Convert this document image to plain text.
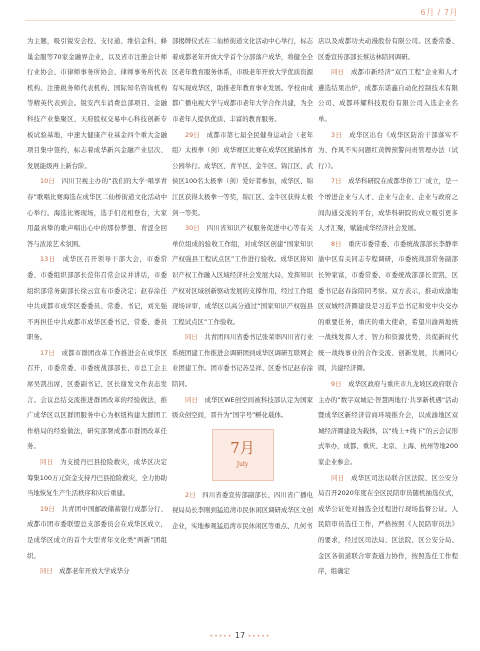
6月 / 7月

为主题，吸引锐安会控、支付通、维信金科、蜂巢金服等70家金融界企业，以及省市注册会计师行业协会、市律师事务所协会、律师事务所代表机构、注册税务师代表机构、国际知名咨询机构等精英代表到会。锐安汽车消费总部项目、金融科技产业集聚区、天府股权交易中心科技创新专板试验基地、中速大健康产业基金四个重大金融项目集中签约，标志着成华新兴金融产业层次、发展能级再上新台阶。

10日  四川卫视主办的“我们的大学·唱享青春”歌唱比赛海选在成华区二仙桥街道文化活动中心举行。海选比赛现场，选手们竞相登台，大家用最真挚的歌声唱出心中的那份梦想、青涩全回答与浓浓艺术氛围。

13日  成华区召开领导干部大会，市委常委、市委组织部部长范伟召常会议并讲话，市委组织部常务副部长徐云宣布市委决定；赵春涂任中共成都市成华区委委员、常委、书记，刘光强不再担任中共成都市成华区委书记、常委、委员职务。

17日  成都市群团改革工作推进会在成华区召开，市委常委、市委统战部部长、市总工会主席吴凯出席，区委副书记、区长谢发文作表态发言。会议总结交流推进群团改革的经验做法，推广成华区以区群团服务中心为枢纽构建大群团工作格局的经验做法，研究部署成都市群团改革任务。

同日  为支援丹巴县抢险救灾，成华区决定筹集100万元资金支持丹巴县抢险救灾，全力协助当地恢复生产生活秩序和灾后重建。

19日  共青团中国邮政储蓄银行成都分行、成都市团市委联盟总支部委员会在成华区成立，是成华区成立的首个大型青年文化类“两新”团组织。

同日  成都老年开放大学成华分

部揭牌仪式在二仙桥街道文化活动中心举行，标志着成都老年开放大学首个分部落户成华，将健全全区老年教育服务体系，市级老年开放大学优质资源有实现成华区，助推老年教育事业发展。学校由成都广播电视大学与成都市老年大学合作共建，为全市老年人提供优质、丰富的教育服务。

29日  成都市第七届全民健身运动会（老年组）太极拳（剑）成华赛区比赛在成华区熊猫体育公园举行。成华区、青羊区、金牛区、锦江区、武侯区100名太极拳（剑）爱好者参加，成华区、锦江区获得太极拳一等奖，锦江区、金牛区获得太极剑一等奖。

30日  四川省知识产权服务促进中心等有关单位组成的验收工作组，对成华区创建“国家知识产权强县工程试点区”工作进行验收。成华区将知识产权工作融入区域经济社会发展大局，发挥知识产权对区域创新驱动发展的支撑作用，经过工作组现场评审，成华区以高分通过“国家知识产权强县工程试点区”工作验收。

同日  共青团四川省委书记张荣率四川省行业系统团建工作推进会调研团到成华区调研互联网企业团建工作。团市委书记苏呈祥、区委书记赵春涂陪同。

同日  成华区WE创空间被科技部认定为国家级众创空间，晋升为“国字号”孵化载体。

7月
July

2日  四川省委宣传部副部长、四川省广播电视局局长李刚到猛追湾市民休闲区调研成华区文创企业，实地参观猛追湾市民休闲区等重点、几何书

店以及成都功夫动漫股份有限公司。区委常委、区委宣传部部长蔡达林陪同调研。

同日  成都市新经济“双百工程”企业和人才遴选结果出炉，成都东诺鑫自动化控制技术有限公司、成都环耀科技股份有限公司入选企业名单。

3日  成华区出台《成华区防治干部落实不为、作风不实问题红黄牌预警问责管理办法（试行）》。

7日  成华科研院在成都华侨工厂成立，是一个增进企业与人才、企业与企业、企业与政府之间沟通交流的平台，成华科研院的成立吸引更多人才汇聚，赋能成华经济社会发展。

8日  重庆市委常委、市委统战部部长李静率渝中区有关同志专程调研，市委统战部常务副部长钟家富，市委常委、市委统战部部长贺凯，区委书记赵春涂陪同考察。双方表示，推动成渝地区双城经济圈建设是习近平总书记和党中央交办的重要任务，重庆的重大使命，希望川渝两地统一战线发挥人才、智力和资源优势，共促新时代统一战线事业的合作交流、创新发展，共画同心圆，共建经济圈。

9日  成华区政府与重庆市九龙坡区政府联合主办的“数字双城记·智慧两地行·共享新机遇”活动暨成华区新经济营商环境推介会，以成渝地区双城经济圈建设为载体，以“线上+线下”的云会议形式举办，成都、重庆、北京、上海、杭州等地200家企业参会。

同日  成华区司法局联合区法院、区公安分局召开2020年度在全区民陪审员随机抽选仪式，成华公证处对抽选全过程进行现场监督公证。人民陪审员选任工作，严格按照《人民陪审员法》的要求，经过区司法局、区法院、区公安分局、金区各街道联合审查通力协作，按照选任工作程序，组确定

••••• 17 •••••
